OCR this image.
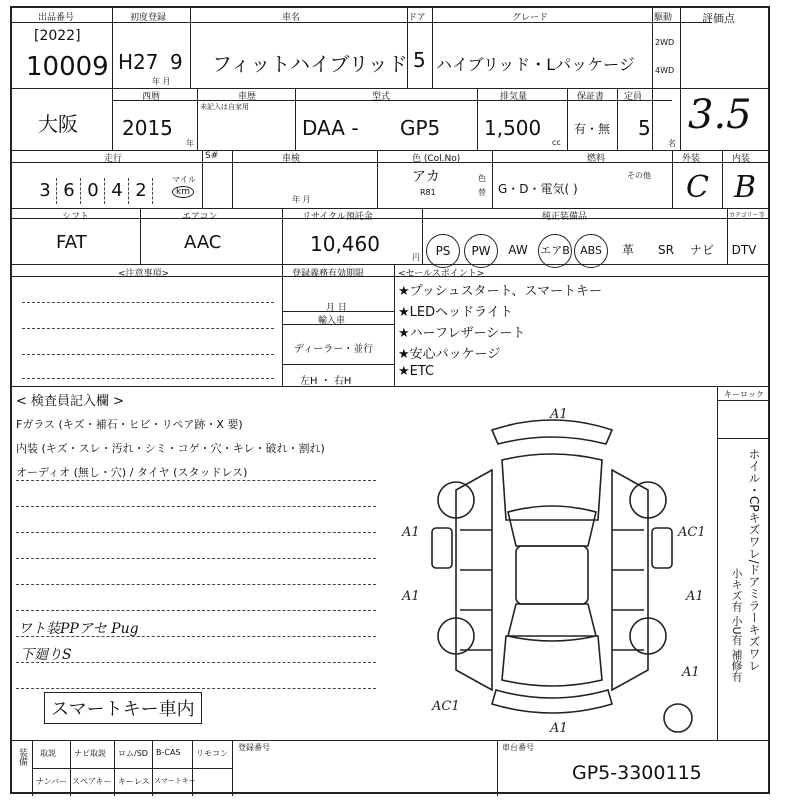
出品番号
[2022]
10009
初度登録
H27 9
年 月
車名
フィットハイブリッド
ドア
5
グレード
ハイブリッド・Lパッケージ
駆動
2WD
4WD
評価点
3.5
大阪
西暦
2015
年
車歴
未記入は自家用
型式
DAA - GP5
排気量
1,500
cc
保証書
有・無
定員
5
名
走行
3 6 0 4 2
マイル
km
S#	車検
年 月
色 (Col.No)
アカ
R81
色替
燃料
G・D・電気( )
その他
外装
C
内装
B
シフト
FAT
エアコン
AAC
リサイクル預託金
10,460
円
純正装備品	カテゴリー等
PS	PW	AW	エアB ABS	革	SR	ナビ	DTV
<注意事項>	登録義務有効期限
月 日
輸入車
ディーラー・並行
左H ・ 右H
<セールスポイント>
★プッシュスタート、スマートキー
★LEDヘッドライト
★ハーフレザーシート
★安心パッケージ
★ETC
< 検査員記入欄 >
Fガラス (キズ・補石・ヒビ・リペア跡・X 要)
内装 (キズ・スレ・汚れ・シミ・コゲ・穴・キレ・破れ・割れ)
オーディオ (無し・穴) / タイヤ (スタッドレス)
ワト装PPアセ Pug
下廻りS
スマートキー車内
キーロック
ホイル・CPキズワレ/ドアミラーキズワレ
小キズ有 小U有 補修有
A1
A1
A1	A1
A1
A1
AC1
AC1
装備 取説 ナビ取説 ロム/SD B-CAS リモコン
ナンバー スペアキー キーレス スマートキー
登録番号	車台番号
GP5-3300115
